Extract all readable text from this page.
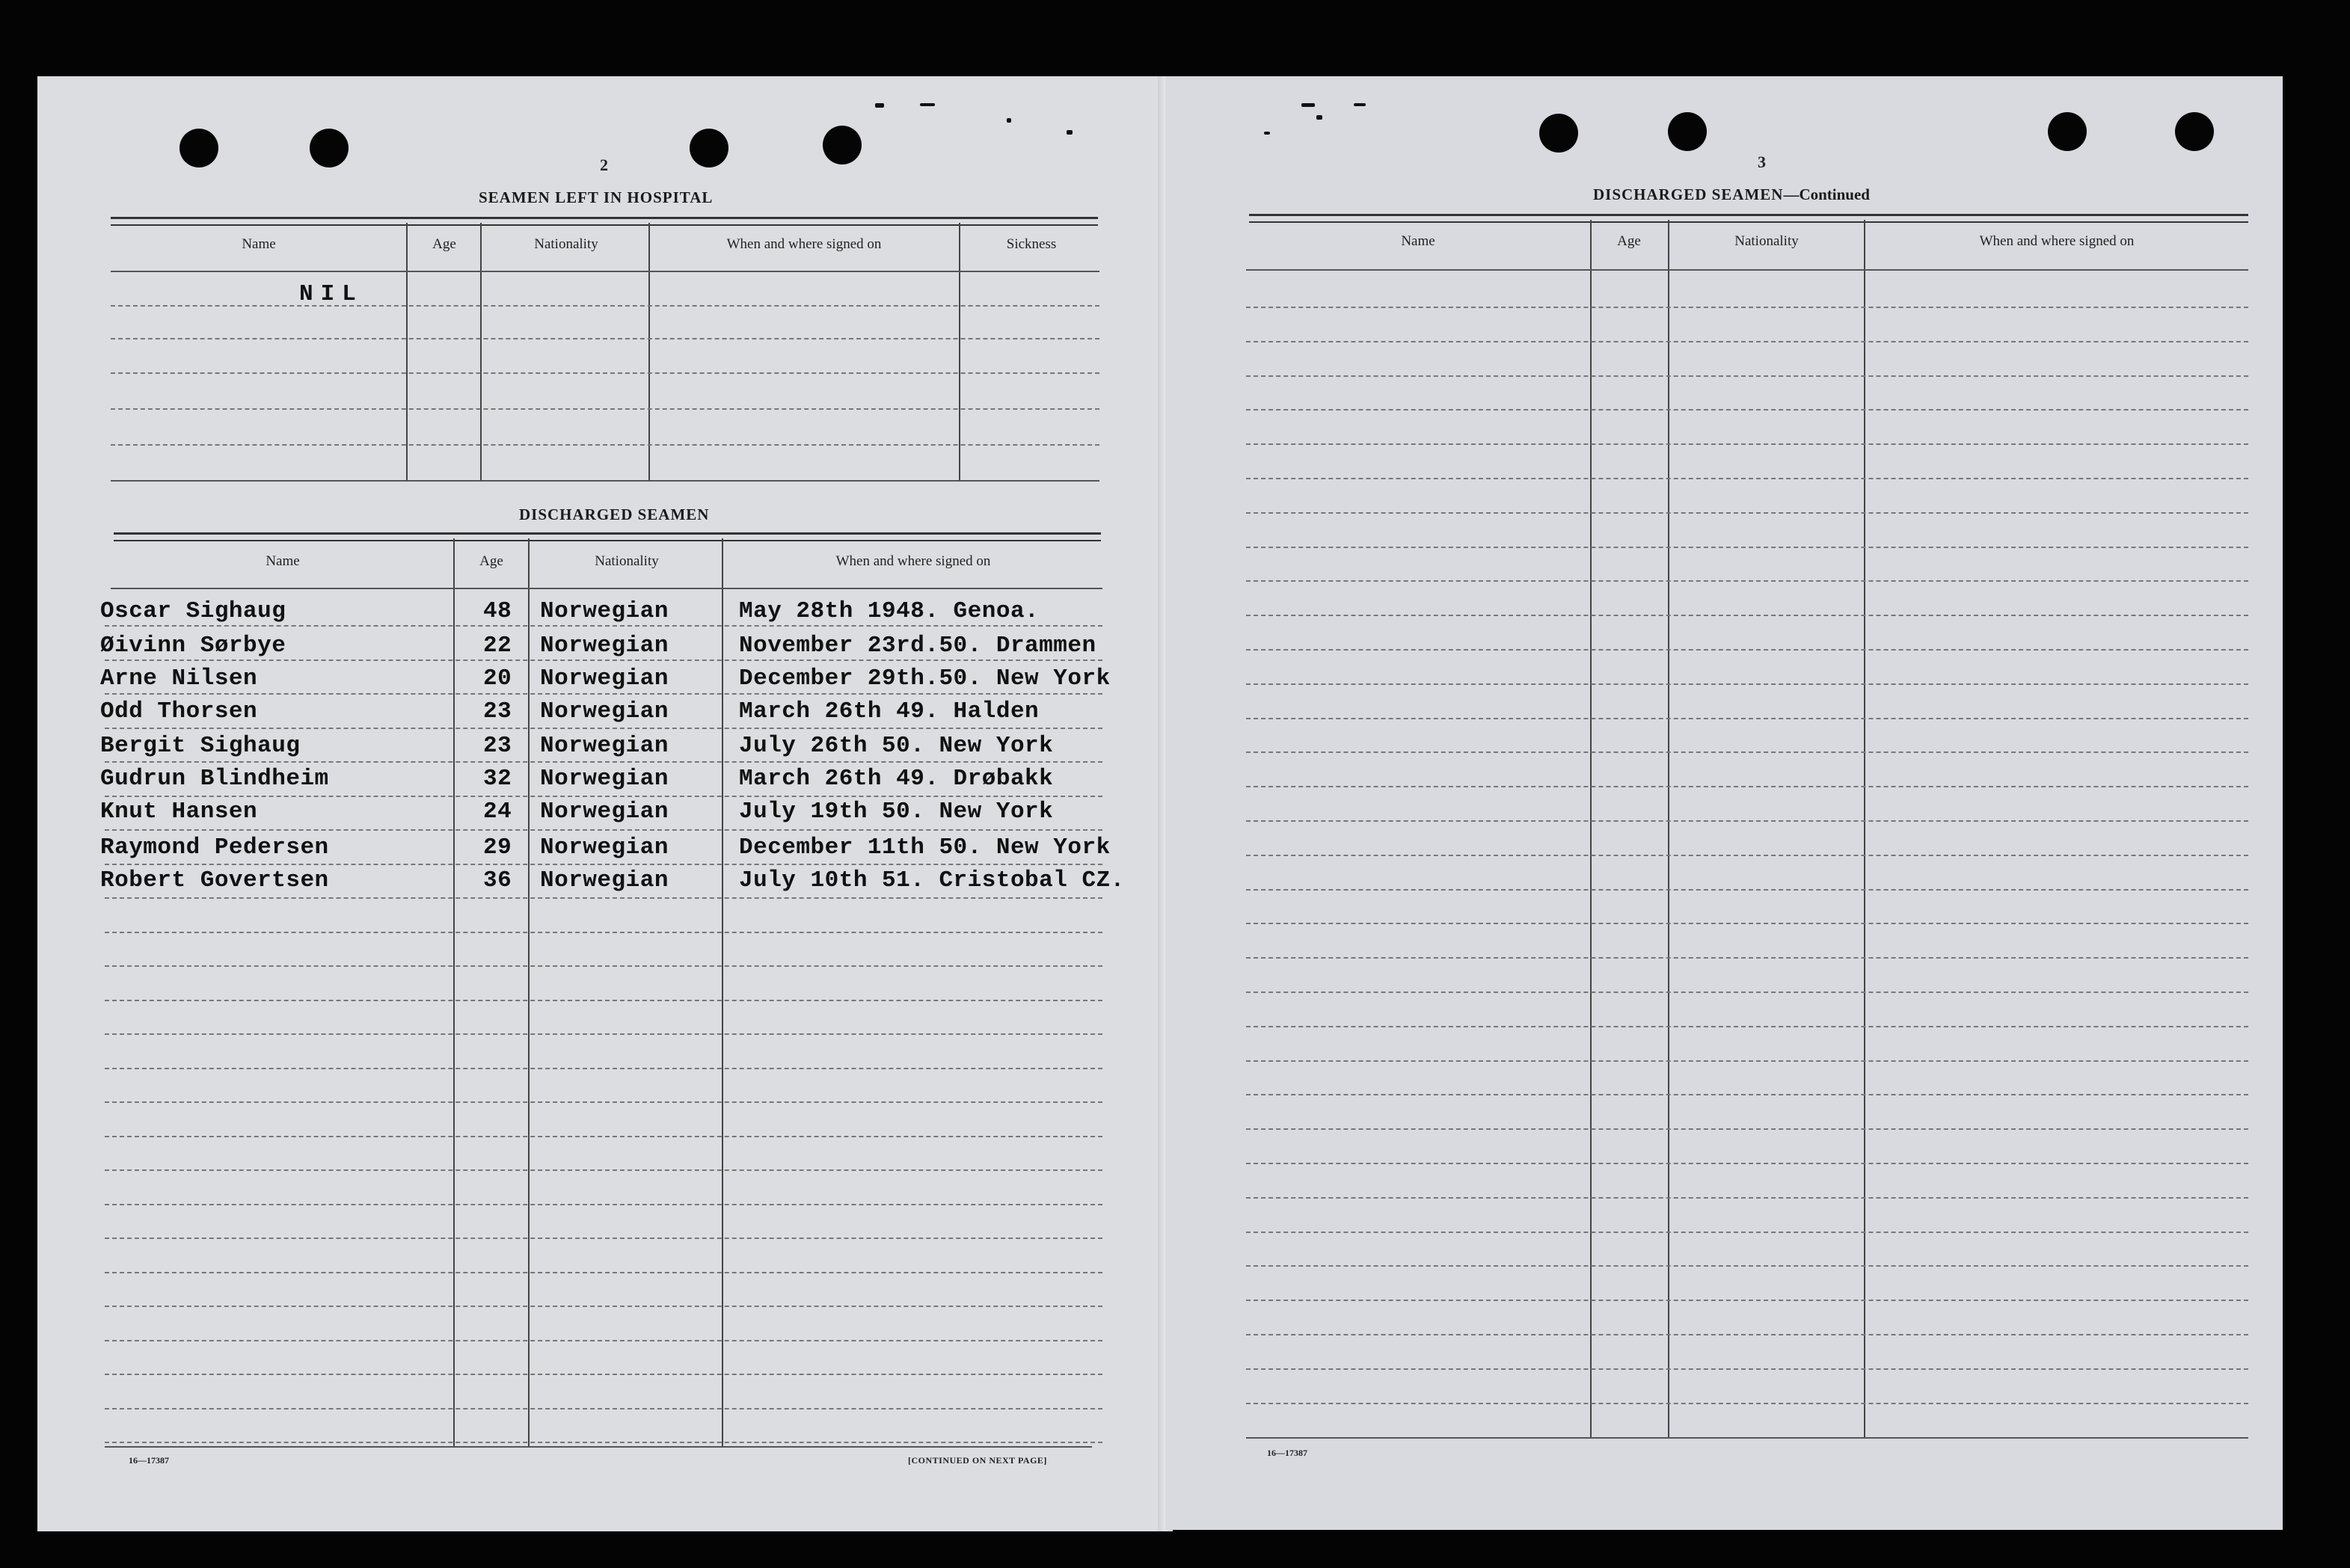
2
SEAMEN LEFT IN HOSPITAL
Name	Age	Nationality	When and where signed on	Sickness
NIL
DISCHARGED SEAMEN
Name	Age	Nationality	When and where signed on
Oscar Sighaug	48 Norwegian	May 28th 1948. Genoa.
Øivinn Sørbye	22 Norwegian	November 23rd.50. Drammen
Arne Nilsen	20 Norwegian	December 29th.50. New York
Odd Thorsen	23 Norwegian	March 26th 49. Halden
Bergit Sighaug	23 Norwegian	July 26th 50. New York
Gudrun Blindheim	32 Norwegian	March 26th 49. Drøbakk
Knut Hansen	24 Norwegian	July 19th 50. New York
Raymond Pedersen	29 Norwegian	December 11th 50. New York
Robert Govertsen	36 Norwegian	July 10th 51. Cristobal CZ.
16—17387	[CONTINUED ON NEXT PAGE]
3
DISCHARGED SEAMEN—Continued
Name	Age	Nationality	When and where signed on
16—17387
